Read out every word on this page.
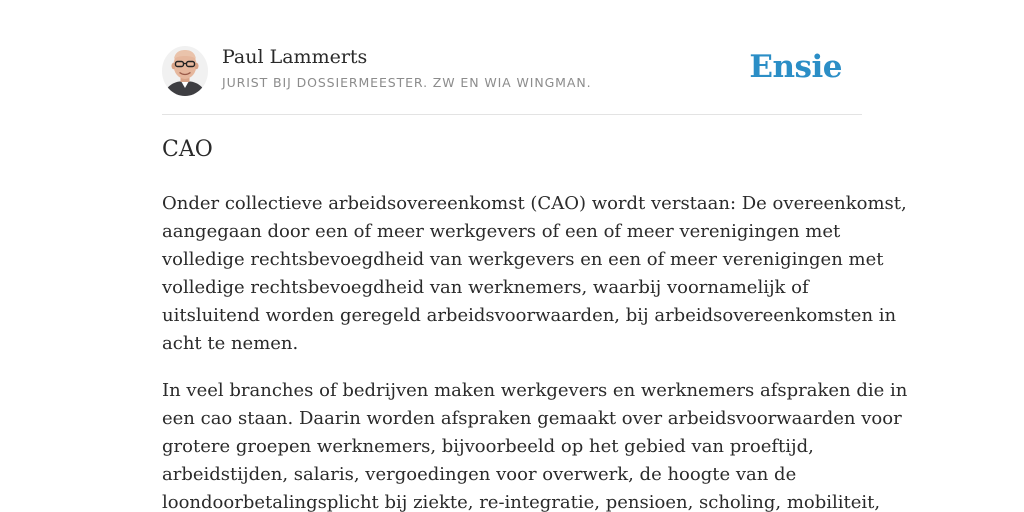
Paul Lammerts
JURIST BIJ DOSSIERMEESTER. ZW EN WIA WINGMAN.	Ensie
CAO

Onder collectieve arbeidsovereenkomst (CAO) wordt verstaan: De overeenkomst,
aangegaan door een of meer werkgevers of een of meer verenigingen met
volledige rechtsbevoegdheid van werkgevers en een of meer verenigingen met
volledige rechtsbevoegdheid van werknemers, waarbij voornamelijk of
uitsluitend worden geregeld arbeidsvoorwaarden, bij arbeidsovereenkomsten in
acht te nemen.

In veel branches of bedrijven maken werkgevers en werknemers afspraken die in
een cao staan. Daarin worden afspraken gemaakt over arbeidsvoorwaarden voor
grotere groepen werknemers, bijvoorbeeld op het gebied van proeftijd,
arbeidstijden, salaris, vergoedingen voor overwerk, de hoogte van de
loondoorbetalingsplicht bij ziekte, re-integratie, pensioen, scholing, mobiliteit,
